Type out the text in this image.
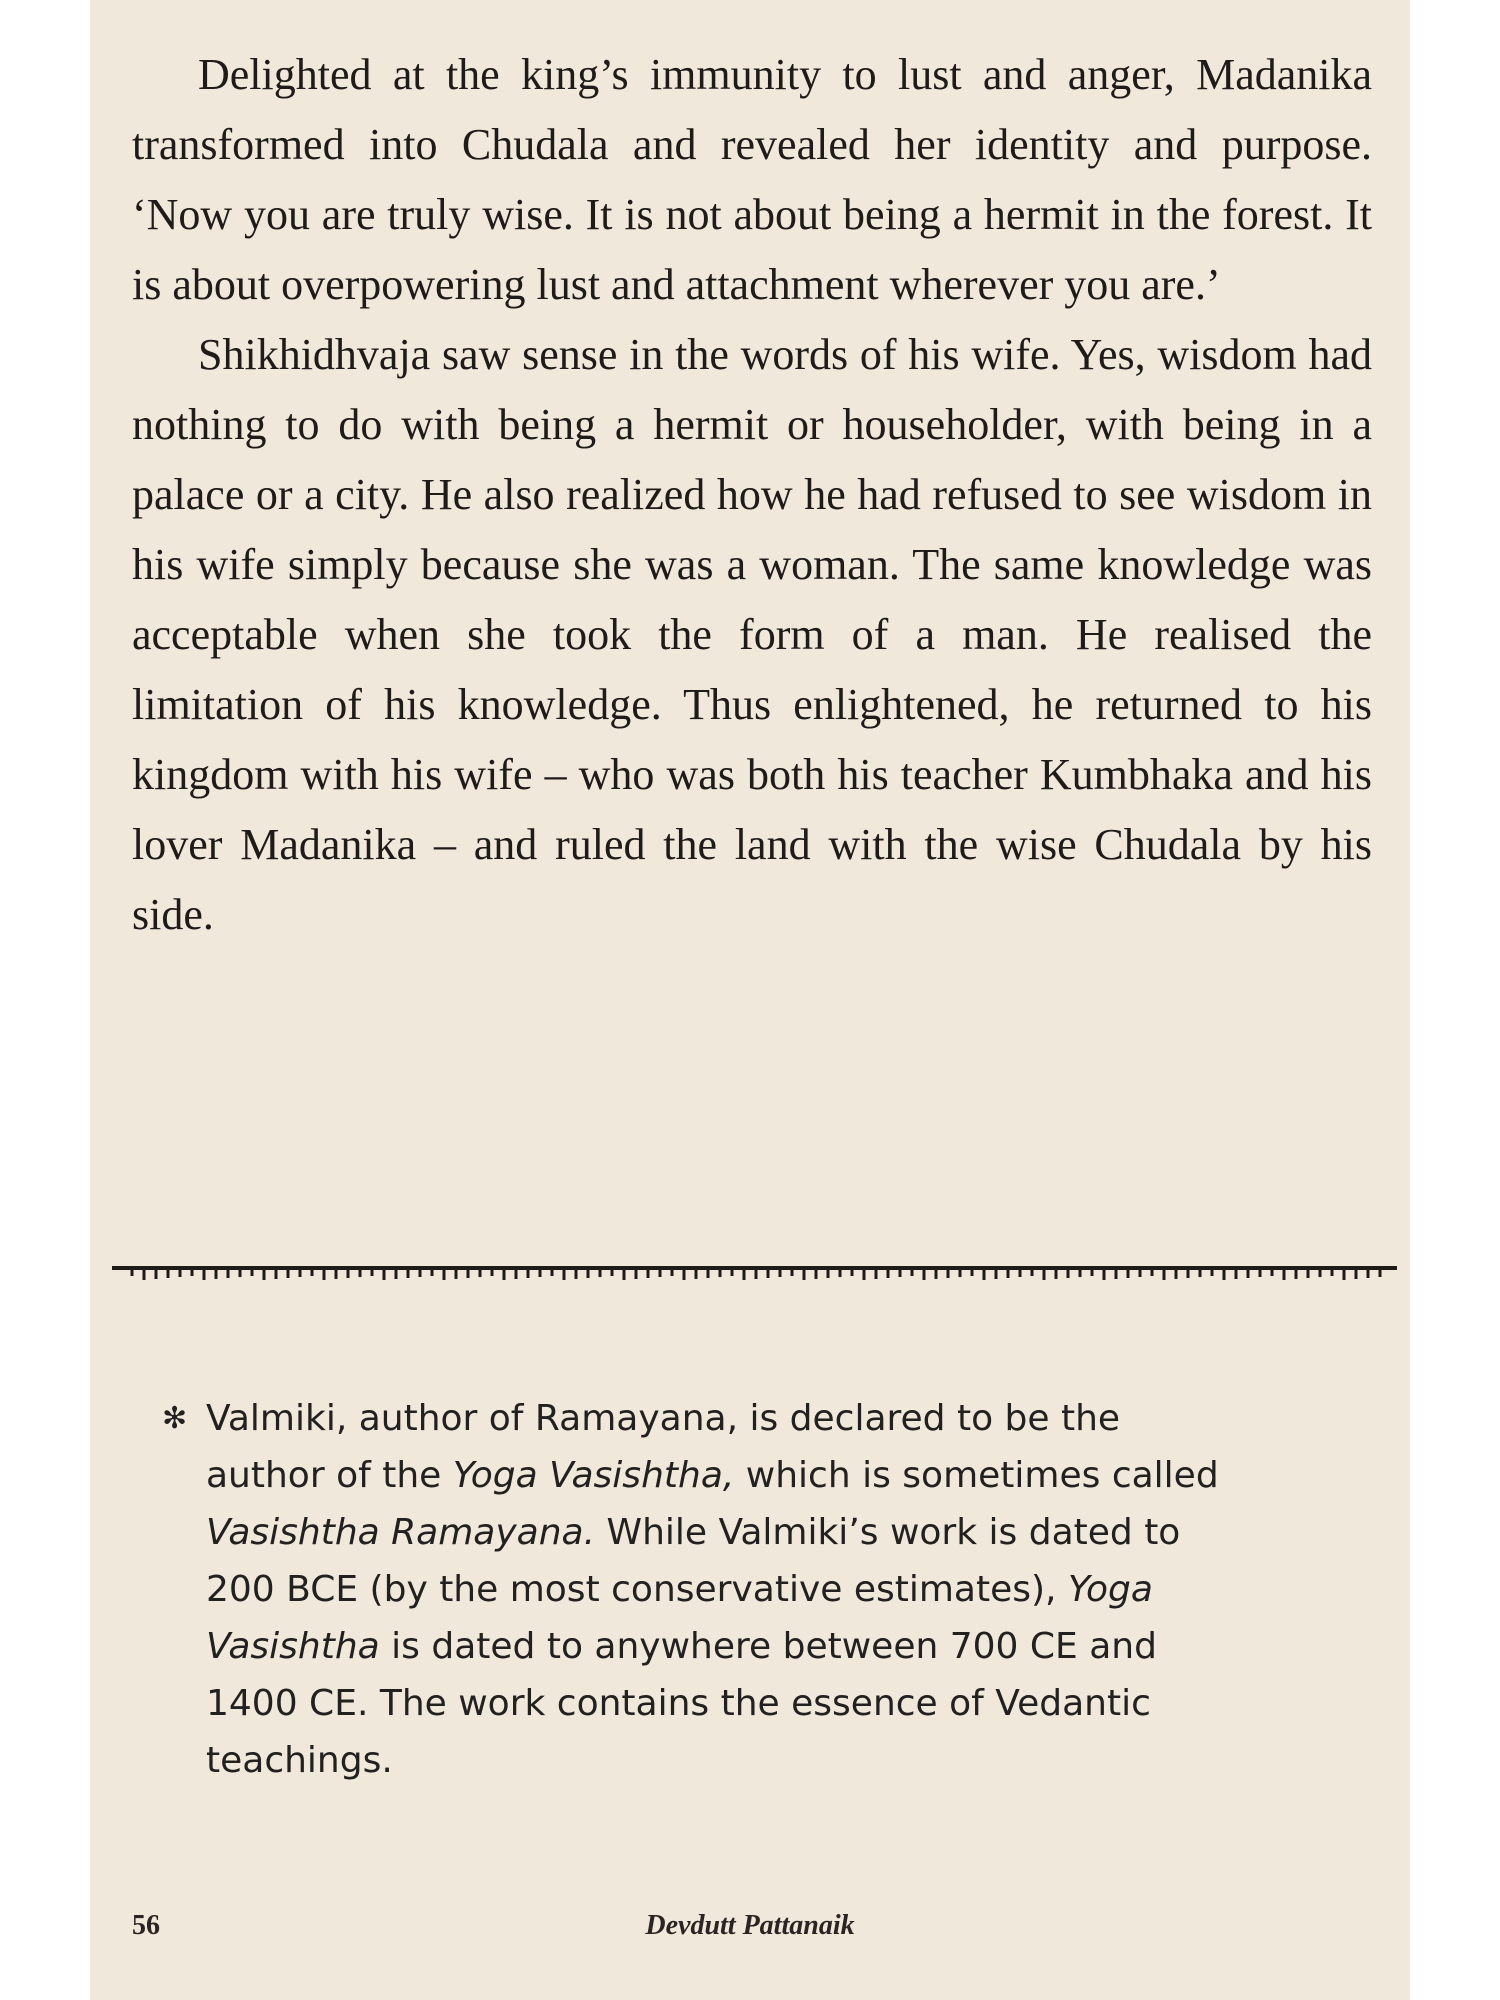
Delighted at the king’s immunity to lust and anger, Madanika transformed into Chudala and revealed her identity and purpose. ‘Now you are truly wise. It is not about being a hermit in the forest. It is about overpowering lust and attachment wherever you are.’

Shikhidhvaja saw sense in the words of his wife. Yes, wisdom had nothing to do with being a hermit or householder, with being in a palace or a city. He also realized how he had refused to see wisdom in his wife simply because she was a woman. The same knowledge was acceptable when she took the form of a man. He realised the limitation of his knowledge. Thus enlightened, he returned to his kingdom with his wife – who was both his teacher Kumbhaka and his lover Madanika – and ruled the land with the wise Chudala by his side.

✻ Valmiki, author of Ramayana, is declared to be the
author of the Yoga Vasishtha, which is sometimes called
Vasishtha Ramayana. While Valmiki’s work is dated to
200 BCE (by the most conservative estimates), Yoga
Vasishtha is dated to anywhere between 700 CE and
1400 CE. The work contains the essence of Vedantic
teachings.
56	Devdutt Pattanaik
